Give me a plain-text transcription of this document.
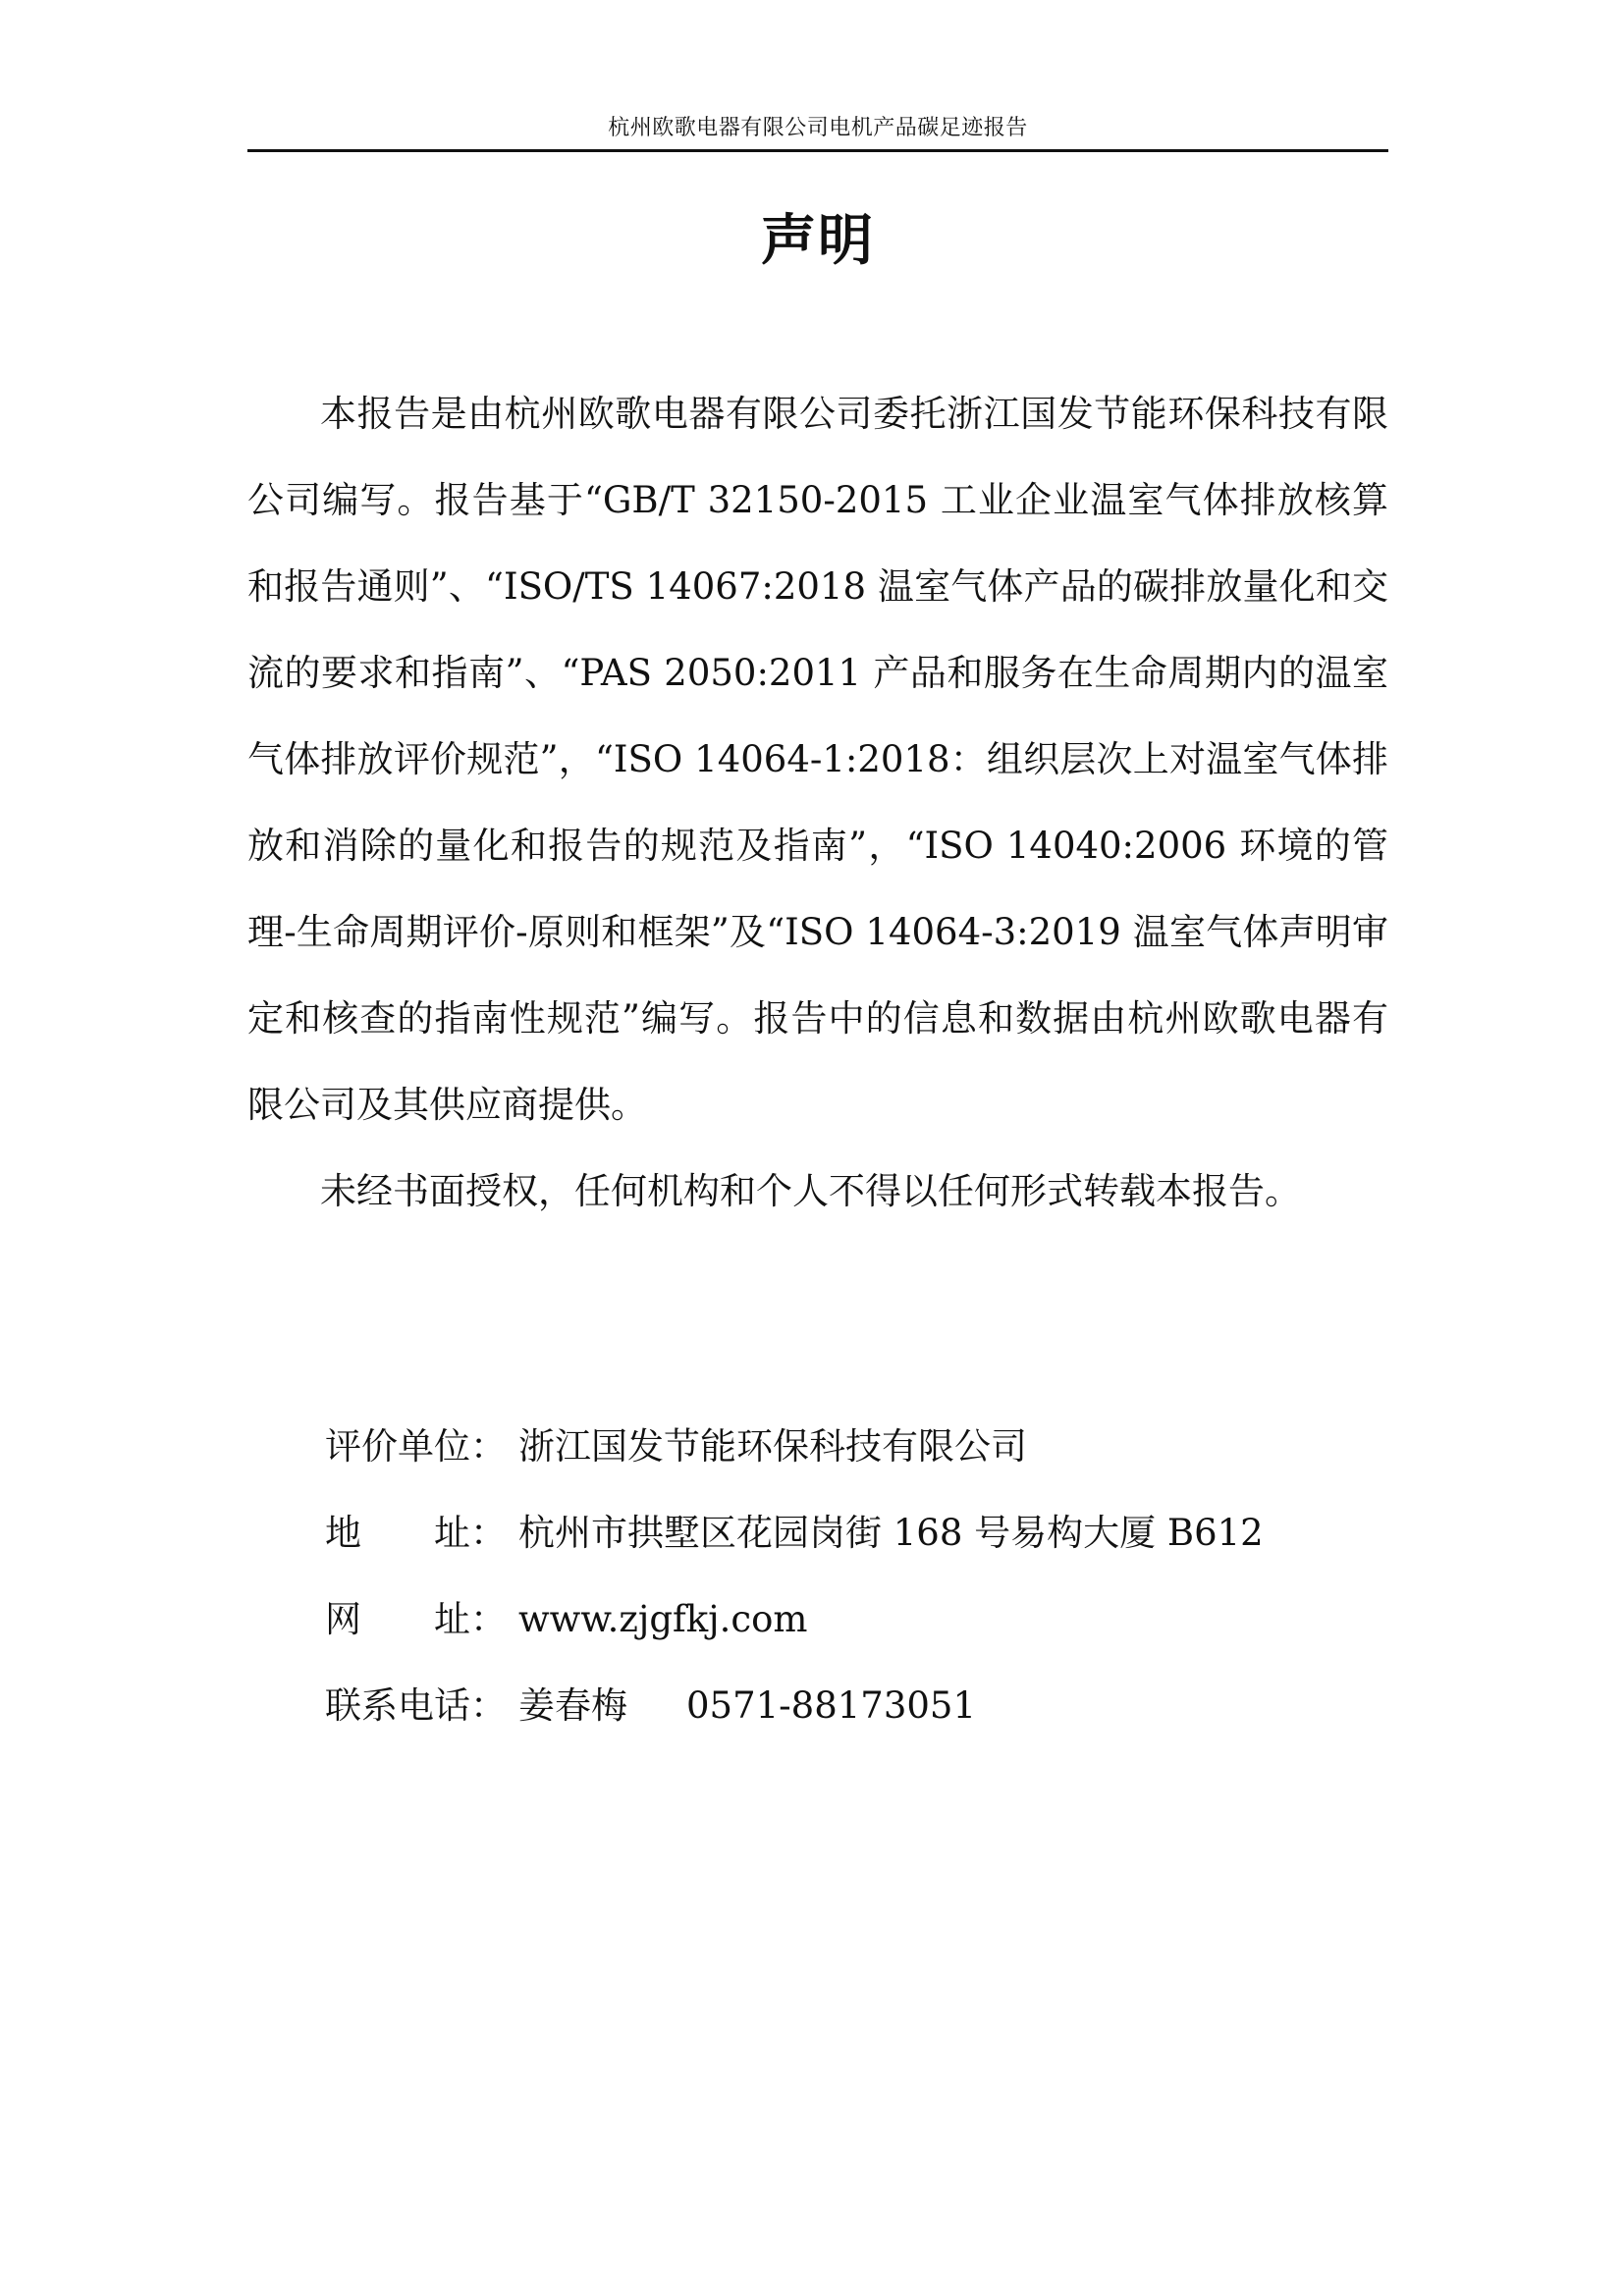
杭州欧歌电器有限公司电机产品碳足迹报告
声明

本报告是由杭州欧歌电器有限公司委托浙江国发节能环保科技有限公司编写。报告基于“GB/T 32150-2015 工业企业温室气体排放核算和报告通则”、“ISO/TS 14067:2018 温室气体产品的碳排放量化和交流的要求和指南”、“PAS 2050:2011 产品和服务在生命周期内的温室气体排放评价规范”，“ISO 14064-1:2018：组织层次上对温室气体排放和消除的量化和报告的规范及指南”，“ISO 14040:2006 环境的管理-生命周期评价-原则和框架”及“ISO 14064-3:2019 温室气体声明审定和核查的指南性规范”编写。报告中的信息和数据由杭州欧歌电器有限公司及其供应商提供。

未经书面授权，任何机构和个人不得以任何形式转载本报告。

评价单位： 浙江国发节能环保科技有限公司
地　　址： 杭州市拱墅区花园岗街 168 号易构大厦 B612
网　　址： www.zjgfkj.com
联系电话： 姜春梅 0571-88173051
